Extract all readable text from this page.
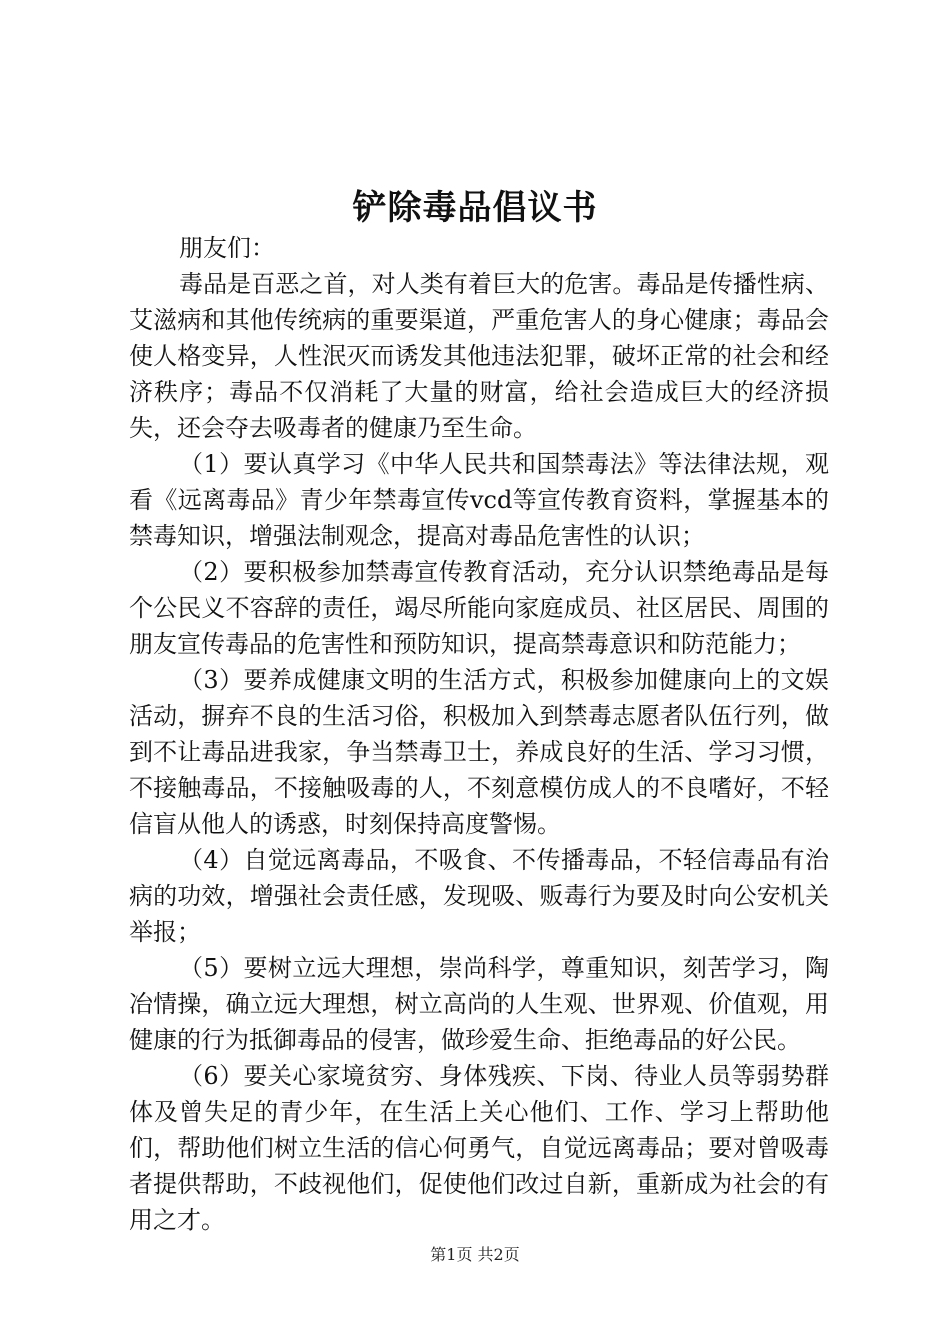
铲除毒品倡议书

朋友们：

毒品是百恶之首，对人类有着巨大的危害。毒品是传播性病、艾滋病和其他传统病的重要渠道，严重危害人的身心健康；毒品会使人格变异，人性泯灭而诱发其他违法犯罪，破坏正常的社会和经济秩序；毒品不仅消耗了大量的财富，给社会造成巨大的经济损失，还会夺去吸毒者的健康乃至生命。

（1）要认真学习《中华人民共和国禁毒法》等法律法规，观看《远离毒品》青少年禁毒宣传vcd等宣传教育资料，掌握基本的禁毒知识，增强法制观念，提高对毒品危害性的认识；

（2）要积极参加禁毒宣传教育活动，充分认识禁绝毒品是每个公民义不容辞的责任，竭尽所能向家庭成员、社区居民、周围的朋友宣传毒品的危害性和预防知识，提高禁毒意识和防范能力；

（3）要养成健康文明的生活方式，积极参加健康向上的文娱活动，摒弃不良的生活习俗，积极加入到禁毒志愿者队伍行列，做到不让毒品进我家，争当禁毒卫士，养成良好的生活、学习习惯，不接触毒品，不接触吸毒的人，不刻意模仿成人的不良嗜好，不轻信盲从他人的诱惑，时刻保持高度警惕。

（4）自觉远离毒品，不吸食、不传播毒品，不轻信毒品有治病的功效，增强社会责任感，发现吸、贩毒行为要及时向公安机关举报；

（5）要树立远大理想，崇尚科学，尊重知识，刻苦学习，陶冶情操，确立远大理想，树立高尚的人生观、世界观、价值观，用健康的行为抵御毒品的侵害，做珍爱生命、拒绝毒品的好公民。

（6）要关心家境贫穷、身体残疾、下岗、待业人员等弱势群体及曾失足的青少年，在生活上关心他们、工作、学习上帮助他们，帮助他们树立生活的信心何勇气，自觉远离毒品；要对曾吸毒者提供帮助，不歧视他们，促使他们改过自新，重新成为社会的有用之才。

第1页 共2页
